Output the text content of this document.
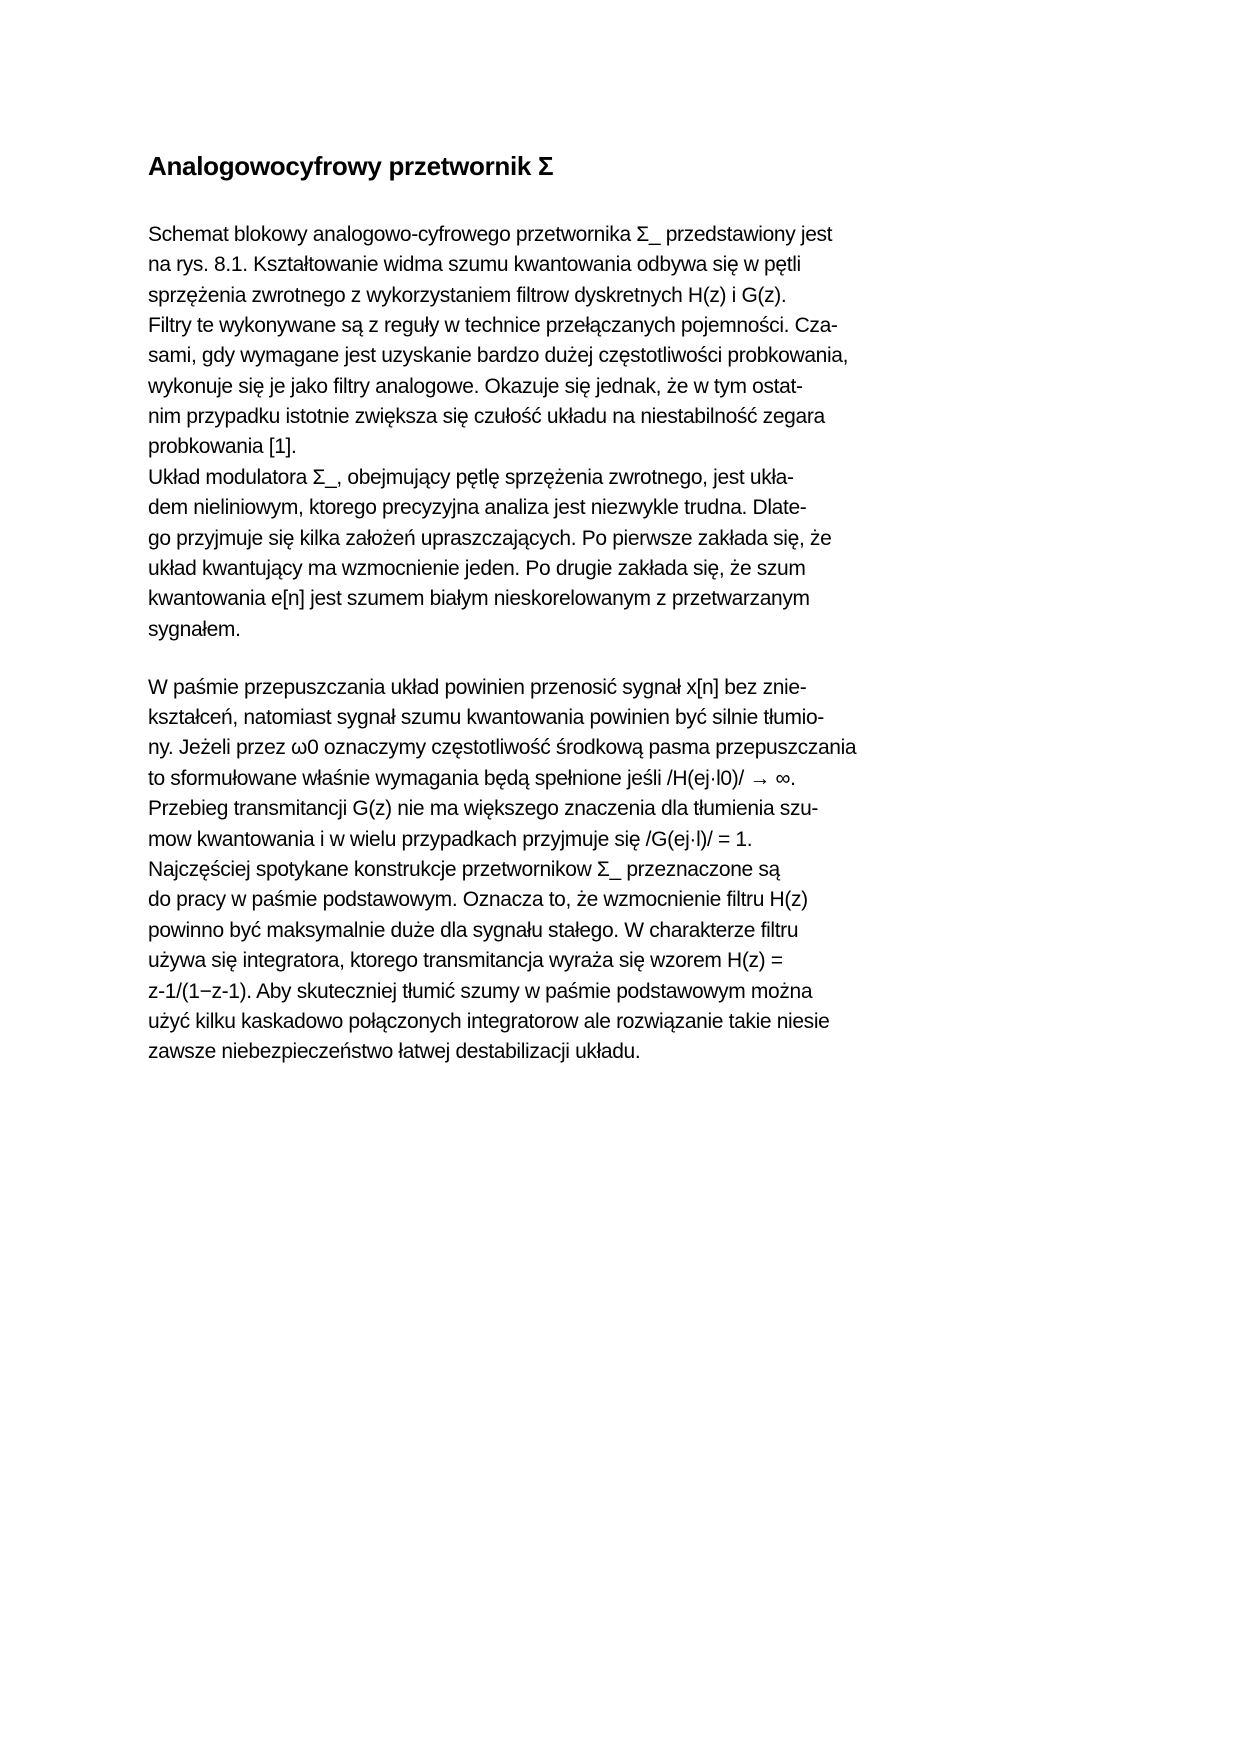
Analogowocyfrowy przetwornik Σ

Schemat blokowy analogowo-cyfrowego przetwornika Σ_ przedstawiony jest

na rys. 8.1. Kształtowanie widma szumu kwantowania odbywa się w pętli

sprzężenia zwrotnego z wykorzystaniem filtrow dyskretnych H(z) i G(z).

Filtry te wykonywane są z reguły w technice przełączanych pojemności. Cza-

sami, gdy wymagane jest uzyskanie bardzo dużej częstotliwości probkowania,

wykonuje się je jako filtry analogowe. Okazuje się jednak, że w tym ostat-

nim przypadku istotnie zwiększa się czułość układu na niestabilność zegara

probkowania [1].

Układ modulatora Σ_, obejmujący pętlę sprzężenia zwrotnego, jest ukła-

dem nieliniowym, ktorego precyzyjna analiza jest niezwykle trudna. Dlate-

go przyjmuje się kilka założeń upraszczających. Po pierwsze zakłada się, że

układ kwantujący ma wzmocnienie jeden. Po drugie zakłada się, że szum

kwantowania e[n] jest szumem białym nieskorelowanym z przetwarzanym

sygnałem.

W paśmie przepuszczania układ powinien przenosić sygnał x[n] bez znie-

kształceń, natomiast sygnał szumu kwantowania powinien być silnie tłumio-

ny. Jeżeli przez ω0 oznaczymy częstotliwość środkową pasma przepuszczania

to sformułowane właśnie wymagania będą spełnione jeśli /H(ej·l0)/ → ∞.

Przebieg transmitancji G(z) nie ma większego znaczenia dla tłumienia szu-

mow kwantowania i w wielu przypadkach przyjmuje się /G(ej·l)/ = 1.

Najczęściej spotykane konstrukcje przetwornikow Σ_ przeznaczone są

do pracy w paśmie podstawowym. Oznacza to, że wzmocnienie filtru H(z)

powinno być maksymalnie duże dla sygnału stałego. W charakterze filtru

używa się integratora, ktorego transmitancja wyraża się wzorem H(z) =

z-1/(1−z-1). Aby skuteczniej tłumić szumy w paśmie podstawowym można

użyć kilku kaskadowo połączonych integratorow ale rozwiązanie takie niesie

zawsze niebezpieczeństwo łatwej destabilizacji układu.
